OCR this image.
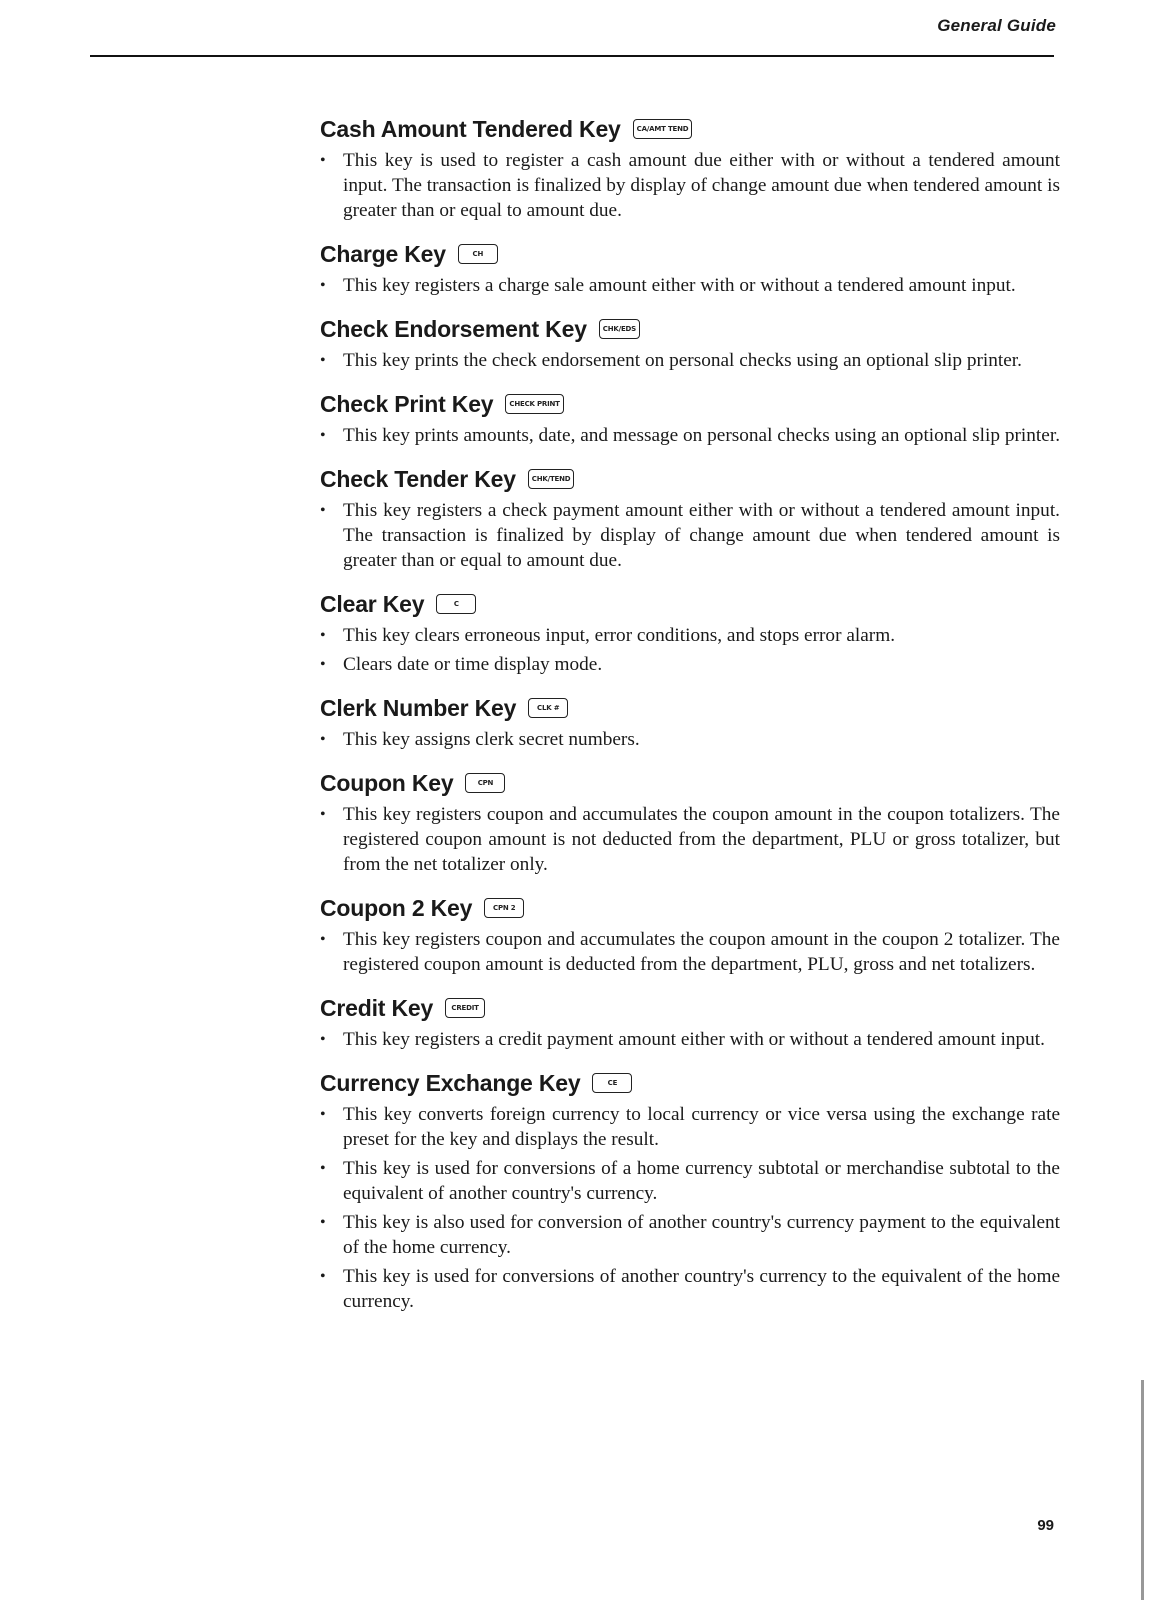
General Guide
Cash Amount Tendered Key	CA/AMT TEND
• This key is used to register a cash amount due either with or without a tendered amount input. The transaction is finalized by display of change amount due when tendered amount is greater than or equal to amount due.
Charge Key	CH
• This key registers a charge sale amount either with or without a tendered amount input.
Check Endorsement Key	CHK/EDS
• This key prints the check endorsement on personal checks using an optional slip printer.
Check Print Key	CHECK PRINT
• This key prints amounts, date, and message on personal checks using an optional slip printer.
Check Tender Key	CHK/TEND
• This key registers a check payment amount either with or without a tendered amount input. The transaction is finalized by display of change amount due when tendered amount is greater than or equal to amount due.
Clear Key	C
• This key clears erroneous input, error conditions, and stops error alarm.
• Clears date or time display mode.
Clerk Number Key	CLK #
• This key assigns clerk secret numbers.
Coupon Key	CPN
• This key registers coupon and accumulates the coupon amount in the coupon totalizers. The registered coupon amount is not deducted from the department, PLU or gross totalizer, but from the net totalizer only.
Coupon 2 Key	CPN 2
• This key registers coupon and accumulates the coupon amount in the coupon 2 totalizer. The registered coupon amount is deducted from the department, PLU, gross and net totalizers.
Credit Key	CREDIT
• This key registers a credit payment amount either with or without a tendered amount input.
Currency Exchange Key	CE
• This key converts foreign currency to local currency or vice versa using the exchange rate preset for the key and displays the result.
• This key is used for conversions of a home currency subtotal or merchandise subtotal to the equivalent of another country's currency.
• This key is also used for conversion of another country's currency payment to the equivalent of the home currency.
• This key is used for conversions of another country's currency to the equivalent of the home currency.
99
